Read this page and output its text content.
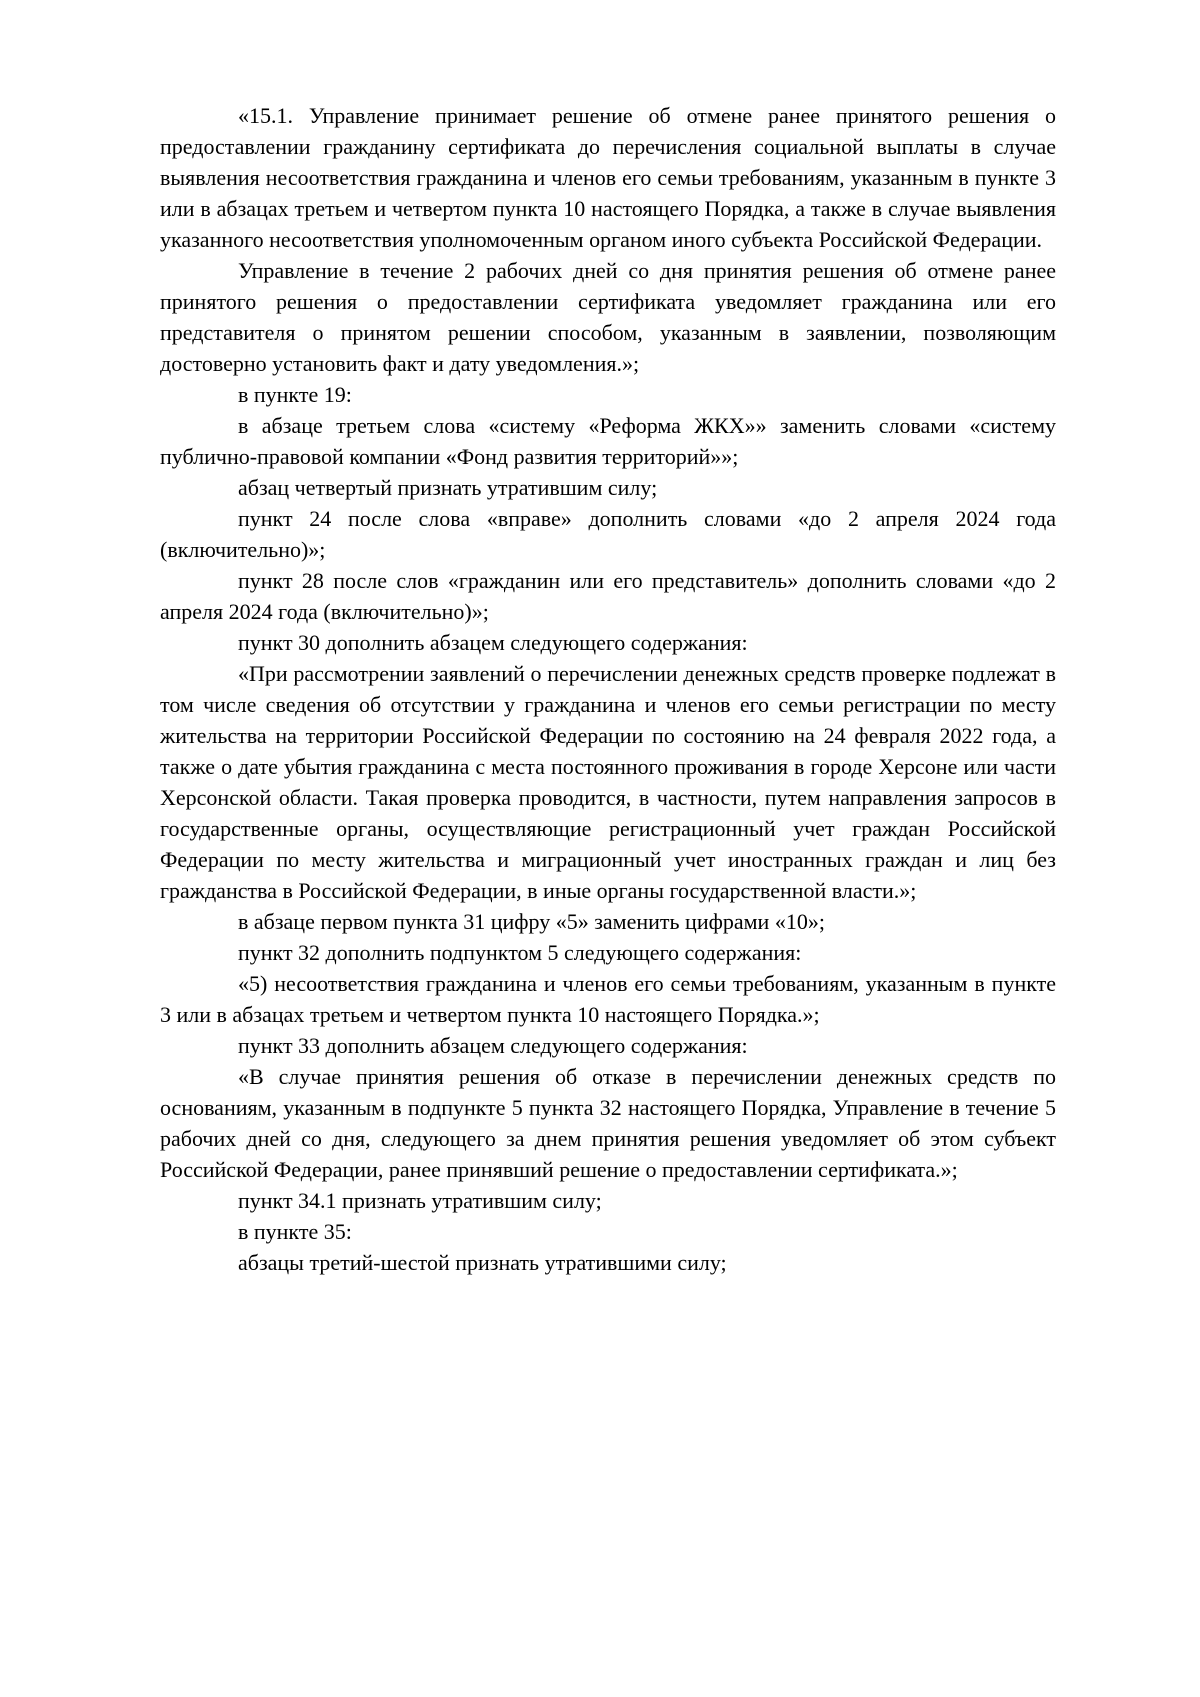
«15.1. Управление принимает решение об отмене ранее принятого решения о предоставлении гражданину сертификата до перечисления социальной выплаты в случае выявления несоответствия гражданина и членов его семьи требованиям, указанным в пункте 3 или в абзацах третьем и четвертом пункта 10 настоящего Порядка, а также в случае выявления указанного несоответствия уполномоченным органом иного субъекта Российской Федерации.

Управление в течение 2 рабочих дней со дня принятия решения об отмене ранее принятого решения о предоставлении сертификата уведомляет гражданина или его представителя о принятом решении способом, указанным в заявлении, позволяющим достоверно установить факт и дату уведомления.»;

в пункте 19:

в абзаце третьем слова «систему «Реформа ЖКХ»» заменить словами «систему публично-правовой компании «Фонд развития территорий»»;

абзац четвертый признать утратившим силу;

пункт 24 после слова «вправе» дополнить словами «до 2 апреля 2024 года (включительно)»;

пункт 28 после слов «гражданин или его представитель» дополнить словами «до 2 апреля 2024 года (включительно)»;

пункт 30 дополнить абзацем следующего содержания:

«При рассмотрении заявлений о перечислении денежных средств проверке подлежат в том числе сведения об отсутствии у гражданина и членов его семьи регистрации по месту жительства на территории Российской Федерации по состоянию на 24 февраля 2022 года, а также о дате убытия гражданина с места постоянного проживания в городе Херсоне или части Херсонской области. Такая проверка проводится, в частности, путем направления запросов в государственные органы, осуществляющие регистрационный учет граждан Российской Федерации по месту жительства и миграционный учет иностранных граждан и лиц без гражданства в Российской Федерации, в иные органы государственной власти.»;

в абзаце первом пункта 31 цифру «5» заменить цифрами «10»;

пункт 32 дополнить подпунктом 5 следующего содержания:

«5) несоответствия гражданина и членов его семьи требованиям, указанным в пункте 3 или в абзацах третьем и четвертом пункта 10 настоящего Порядка.»;

пункт 33 дополнить абзацем следующего содержания:

«В случае принятия решения об отказе в перечислении денежных средств по основаниям, указанным в подпункте 5 пункта 32 настоящего Порядка, Управление в течение 5 рабочих дней со дня, следующего за днем принятия решения уведомляет об этом субъект Российской Федерации, ранее принявший решение о предоставлении сертификата.»;

пункт 34.1 признать утратившим силу;

в пункте 35:

абзацы третий-шестой признать утратившими силу;
